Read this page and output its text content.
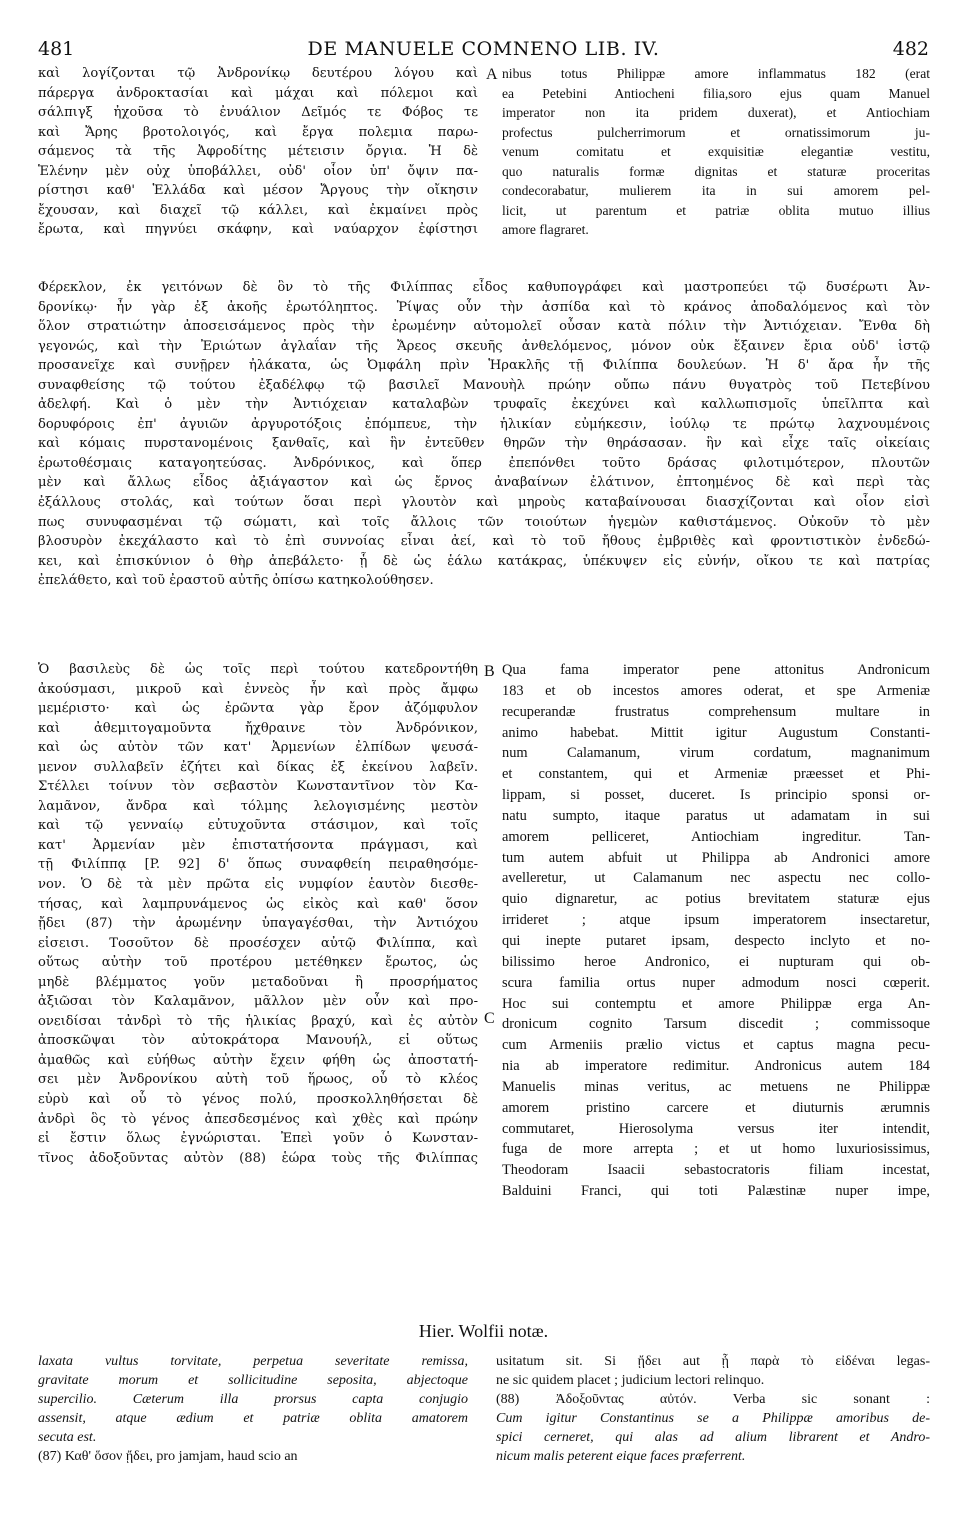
481	DE MANUELE COMNENO LIB. IV.	482
A
B
C
καὶ λογίζονται τῷ Ἀνδρονίκῳ δευτέρου λόγου καὶ
πάρεργα ἀνδροκτασίαι καὶ μάχαι καὶ πόλεμοι καὶ
σάλπιγξ ἠχοῦσα τὸ ἐνυάλιον Δεῖμός τε Φόβος τε
καὶ Ἄρης βροτολοιγός, καὶ ἔργα πολεμια παρω-
σάμενος τὰ τῆς Ἀφροδίτης μέτεισιν ὄργια. Ἡ δὲ
Ἑλένην μὲν οὐχ ὑποβάλλει, οὐδ' οἷον ὑπ' ὄψιν πα-
ρίστησι καθ' Ἑλλάδα καὶ μέσον Ἄργους τὴν οἴκησιν
ἔχουσαν, καὶ διαχεῖ τῷ κάλλει, καὶ ἐκμαίνει πρὸς
ἔρωτα, καὶ πηγνύει σκάφην, καὶ ναύαρχον ἐφίστησι
nibus totus Philippæ amore inflammatus 182 (erat
ea Petebini Antiocheni filia,soro ejus quam Manuel
imperator non ita pridem duxerat), et Antiochiam
profectus pulcherrimorum et ornatissimorum ju-
venum comitatu et exquisitiæ elegantiæ vestitu,
quo naturalis formæ dignitas et staturæ proceritas
condecorabatur, mulierem ita in sui amorem pel-
licit, ut parentum et patriæ oblita mutuo illius
amore flagraret.
Φέρεκλον, ἐκ γειτόνων δὲ ὃν τὸ τῆς Φιλίππας εἶδος καθυπογράφει καὶ μαστροπεύει τῷ δυσέρωτι Ἀν-
δρονίκῳ· ἦν γὰρ ἐξ ἀκοῆς ἐρωτόληπτος. Ῥίψας οὖν τὴν ἀσπίδα καὶ τὸ κράνος ἀποδαλόμενος καὶ τὸν
ὅλον στρατιώτην ἀποσεισάμενος πρὸς τὴν ἐρωμένην αὐτομολεῖ οὖσαν κατὰ πόλιν τὴν Ἀντιόχειαν. Ἔνθα δὴ
γεγονώς, καὶ τὴν Ἐριώτων ἀγλαΐαν τῆς Ἄρεος σκευῆς ἀνθελόμενος, μόνον οὐκ ἔξαινεν ἔρια οὐδ' ἱστῷ
προσανεῖχε καὶ συνῇρεν ἠλάκατα, ὡς Ὀμφάλη πρὶν Ἡρακλῆς τῇ Φιλίππα δουλεύων. Ἡ δ' ἄρα ἦν τῆς
συναφθείσης τῷ τούτου ἐξαδέλφῳ τῷ βασιλεῖ Μανουὴλ πρώην οὔπω πάνυ θυγατρὸς τοῦ Πετεβίνου
ἀδελφή. Καὶ ὁ μὲν τὴν Ἀντιόχειαν καταλαβὼν τρυφαῖς ἐκεχύνει καὶ καλλωπισμοῖς ὑπεῖλπτα καὶ
δορυφόροις ἐπ' ἀγυιῶν ἀργυροτόξοις ἐπόμπευε, τὴν ἡλικίαν εὐμήκεσιν, ἰούλῳ τε πρώτῳ λαχνουμένοις
καὶ κόμαις πυρστανομένοις ξανθαῖς, καὶ ἣν ἐντεῦθεν θηρῶν τὴν θηράσασαν. ἣν καὶ εἶχε ταῖς οἰκείαις
ἐρωτοθέσμαις καταγοητεύσας. Ἀνδρόνικος, καὶ ὅπερ ἐπεπόνθει τοῦτο δράσας φιλοτιμότερον, πλουτῶν
μὲν καὶ ἄλλως εἶδος ἀξιάγαστον καὶ ὡς ἔρνος ἀναβαίνων ἐλάτινον, ἐπτοημένος δὲ καὶ περὶ τὰς
ἐξάλλους στολάς, καὶ τούτων ὅσαι περὶ γλουτὸν καὶ μηροὺς καταβαίνουσαι διασχίζονται καὶ οἷον εἰσὶ
πως συνυφασμέναι τῷ σώματι, καὶ τοῖς ἄλλοις τῶν τοιούτων ἡγεμὼν καθιστάμενος. Οὐκοῦν τὸ μὲν
βλοσυρὸν ἐκεχάλαστο καὶ τὸ ἐπὶ συννοίας εἶναι ἀεί, καὶ τὸ τοῦ ἤθους ἐμβριθὲς καὶ φροντιστικὸν ἐνδεδώ-
κει, καὶ ἐπισκύνιον ὁ θὴρ ἀπεβάλετο· ᾗ δὲ ὡς ἑάλω κατάκρας, ὑπέκυψεν εἰς εὐνήν, οἴκου τε καὶ πατρίας
ἐπελάθετο, καὶ τοῦ ἐραστοῦ αὐτῆς ὀπίσω κατηκολούθησεν.
Ὁ βασιλεὺς δὲ ὡς τοῖς περὶ τούτου κατεδροντήθη
ἀκούσμασι, μικροῦ καὶ ἐννεὸς ἦν καὶ πρὸς ἄμφω
μεμέριστο· καὶ ὡς ἐρῶντα γὰρ ἔρον ἀζόμφυλον
καὶ ἀθεμιτογαμοῦντα ἤχθραινε τὸν Ἀνδρόνικον,
καὶ ὡς αὐτὸν τῶν κατ' Ἀρμενίων ἐλπίδων ψευσά-
μενον συλλαβεῖν ἐζήτει καὶ δίκας ἐξ ἐκείνου λαβεῖν.
Στέλλει τοίνυν τὸν σεβαστὸν Κωνσταντῖνον τὸν Κα-
λαμᾶνον, ἄνδρα καὶ τόλμης λελογισμένης μεστὸν
καὶ τῷ γενναίῳ εὐτυχοῦντα στάσιμον, καὶ τοῖς
κατ' Ἀρμενίαν μὲν ἐπιστατήσοντα πράγμασι, καὶ
τῇ Φιλίππᾳ [P. 92] δ' ὅπως συναφθείη πειραθησόμε-
νον. Ὁ δὲ τὰ μὲν πρῶτα εἰς νυμφίον ἑαυτὸν διεσθε-
τήσας, καὶ λαμπρυνάμενος ὡς εἰκὸς καὶ καθ' ὅσον
ᾔδει (87) τὴν ἀρωμένην ὑπαγαγέσθαι, τὴν Ἀντιόχου
εἰσεισι. Τοσοῦτον δὲ προσέσχεν αὐτῷ Φιλίππα, καὶ
οὕτως αὐτὴν τοῦ προτέρου μετέθηκεν ἔρωτος, ὡς
μηδὲ βλέμματος γοῦν μεταδοῦναι ἢ προσρήματος
ἀξιῶσαι τὸν Καλαμᾶνον, μᾶλλον μὲν οὖν καὶ προ-
ονειδίσαι τἀνδρὶ τὸ τῆς ἡλικίας βραχύ, καὶ ἐς αὐτὸν
ἀποσκῶψαι τὸν αὐτοκράτορα Μανουήλ, εἰ οὕτως
ἀμαθῶς καὶ εὐήθως αὐτὴν ἔχειν φήθη ὡς ἀποστατή-
σει μὲν Ἀνδρονίκου αὐτὴ τοῦ ἥρωος, οὗ τὸ κλέος
εὐρὺ καὶ οὗ τὸ γένος πολύ, προσκολληθήσεται δὲ
ἀνδρὶ ὃς τὸ γένος ἀπεσδεσμένος καὶ χθὲς καὶ πρώην
εἰ ἔστιν ὅλως ἐγνώρισται. Ἐπεὶ γοῦν ὁ Κωνσταν-
τῖνος ἀδοξοῦντας αὐτὸν (88) ἑώρα τοὺς τῆς Φιλίππας
Qua fama imperator pene attonitus Andronicum
183 et ob incestos amores oderat, et spe Armeniæ
recuperandæ frustratus comprehensum multare in
animo habebat. Mittit igitur Augustum Constanti-
num Calamanum, virum cordatum, magnanimum
et constantem, qui et Armeniæ præesset et Phi-
lippam, si posset, duceret. Is principio sponsi or-
natu sumpto, itaque paratus ut adamatam in sui
amorem pelliceret, Antiochiam ingreditur. Tan-
tum autem abfuit ut Philippa ab Andronici amore
avelleretur, ut Calamanum nec aspectu nec collo-
quio dignaretur, ac potius brevitatem staturæ ejus
irrideret ; atque ipsum imperatorem insectaretur,
qui inepte putaret ipsam, despecto inclyto et no-
bilissimo heroe Andronico, ei nupturam qui ob-
scura familia ortus nuper admodum nosci cœperit.
Hoc sui contemptu et amore Philippæ erga An-
dronicum cognito Tarsum discedit ; commissoque
cum Armeniis prælio victus et captus magna pecu-
nia ab imperatore redimitur. Andronicus autem 184
Manuelis minas veritus, ac metuens ne Philippæ
amorem pristino carcere et diuturnis ærumnis
commutaret, Hierosolyma versus iter intendit,
fuga de more arrepta ; et ut homo luxuriosissimus,
Theodoram Isaacii sebastocratoris filiam incestat,
Balduini Franci, qui toti Palæstinæ nuper impe,
Hier. Wolfii notæ.
laxata vultus torvitate, perpetua severitate remissa,
gravitate morum et sollicitudine seposita, abjectoque
supercilio. Cæterum illa prorsus capta conjugio
assensit, atque ædium et patriæ oblita amatorem
secuta est.
(87) Καθ' ὅσον ᾔδει, pro jamjam, haud scio an
usitatum sit. Si ᾔδει aut ᾗ παρὰ τὸ εἰδέναι legas-
ne sic quidem placet ; judicium lectori relinquo.
(88) Ἀδοξοῦντας αὐτόν. Verba sic sonant :
Cum igitur Constantinus se a Philippæ amoribus de-
spici cerneret, qui alas ad alium librarent et Andro-
nicum malis peterent eique faces præferrent.
